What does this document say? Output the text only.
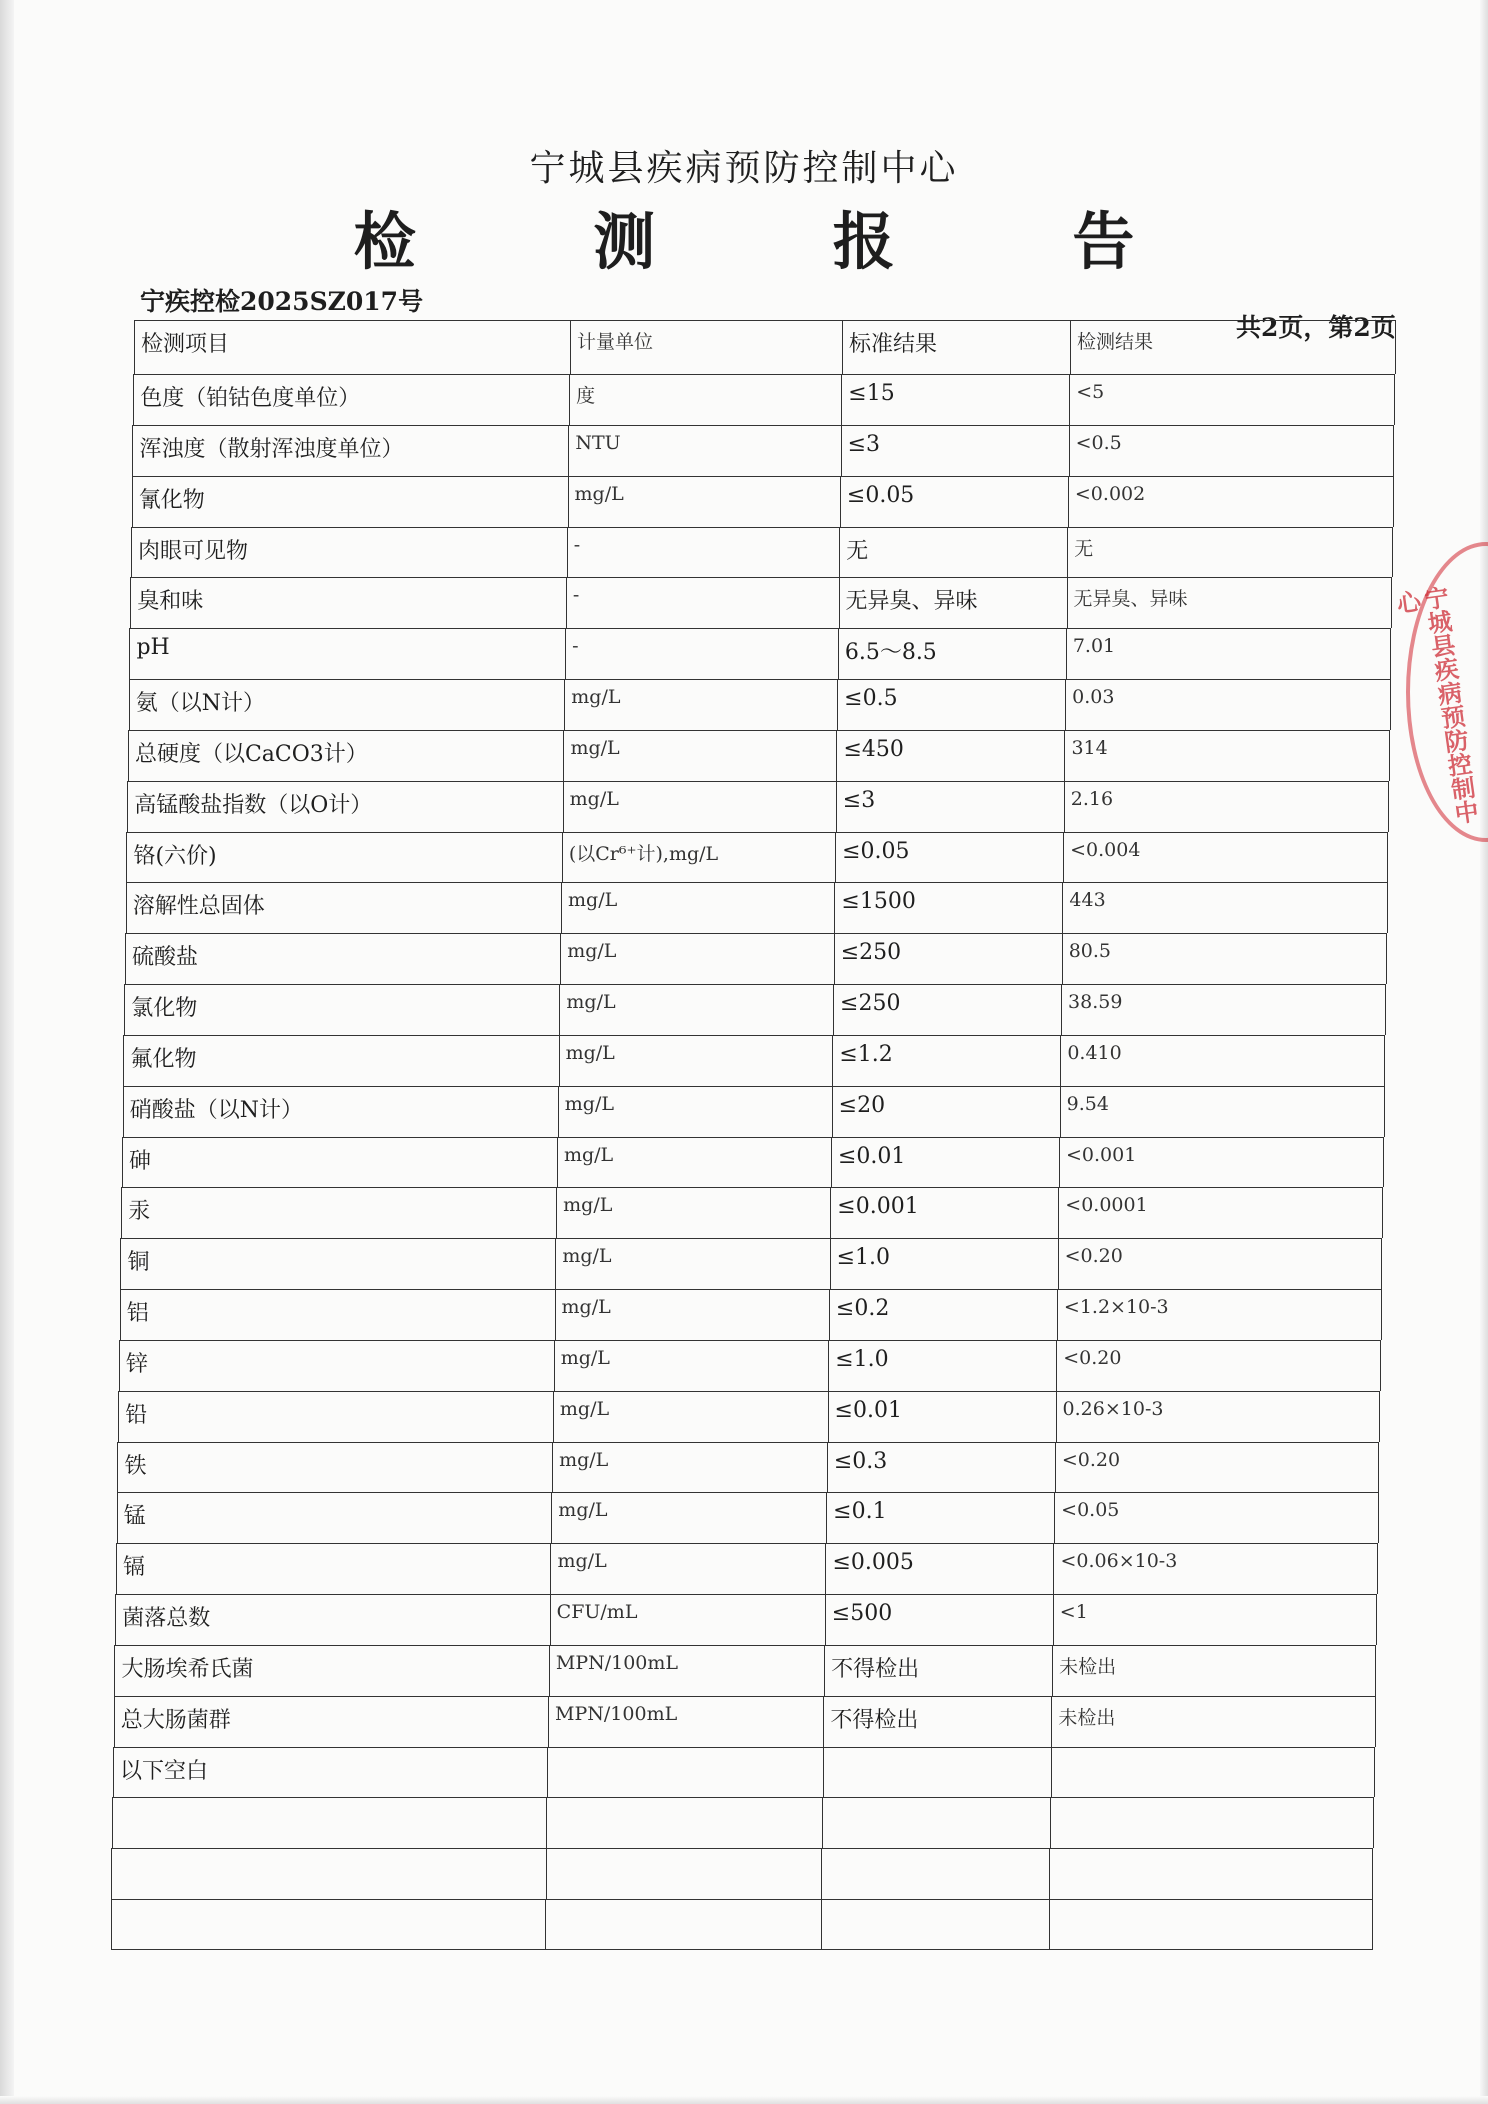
宁城县疾病预防控制中心
检 测 报 告
宁疾控检2025SZ017号
共2页，第2页
检测项目	计量单位	标准结果	检测结果
色度（铂钴色度单位）	度	≤15	<5
浑浊度（散射浑浊度单位）	NTU	≤3	<0.5
氰化物	mg/L	≤0.05	<0.002
肉眼可见物	-	无	无
臭和味	-	无异臭、异味	无异臭、异味
pH	-	6.5～8.5	7.01
氨（以N计）	mg/L	≤0.5	0.03
总硬度（以CaCO3计）	mg/L	≤450	314
高锰酸盐指数（以O计）	mg/L	≤3	2.16
铬(六价)	(以Cr⁶⁺计),mg/L	≤0.05	<0.004
溶解性总固体	mg/L	≤1500	443
硫酸盐	mg/L	≤250	80.5
氯化物	mg/L	≤250	38.59
氟化物	mg/L	≤1.2	0.410
硝酸盐（以N计）	mg/L	≤20	9.54
砷	mg/L	≤0.01	<0.001
汞	mg/L	≤0.001	<0.0001
铜	mg/L	≤1.0	<0.20
铝	mg/L	≤0.2	<1.2×10-3
锌	mg/L	≤1.0	<0.20
铅	mg/L	≤0.01	0.26×10-3
铁	mg/L	≤0.3	<0.20
锰	mg/L	≤0.1	<0.05
镉	mg/L	≤0.005	<0.06×10-3
菌落总数	CFU/mL	≤500	<1
大肠埃希氏菌	MPN/100mL	不得检出	未检出
总大肠菌群	MPN/100mL	不得检出	未检出
以下空白
宁城县疾病预防控制中心
